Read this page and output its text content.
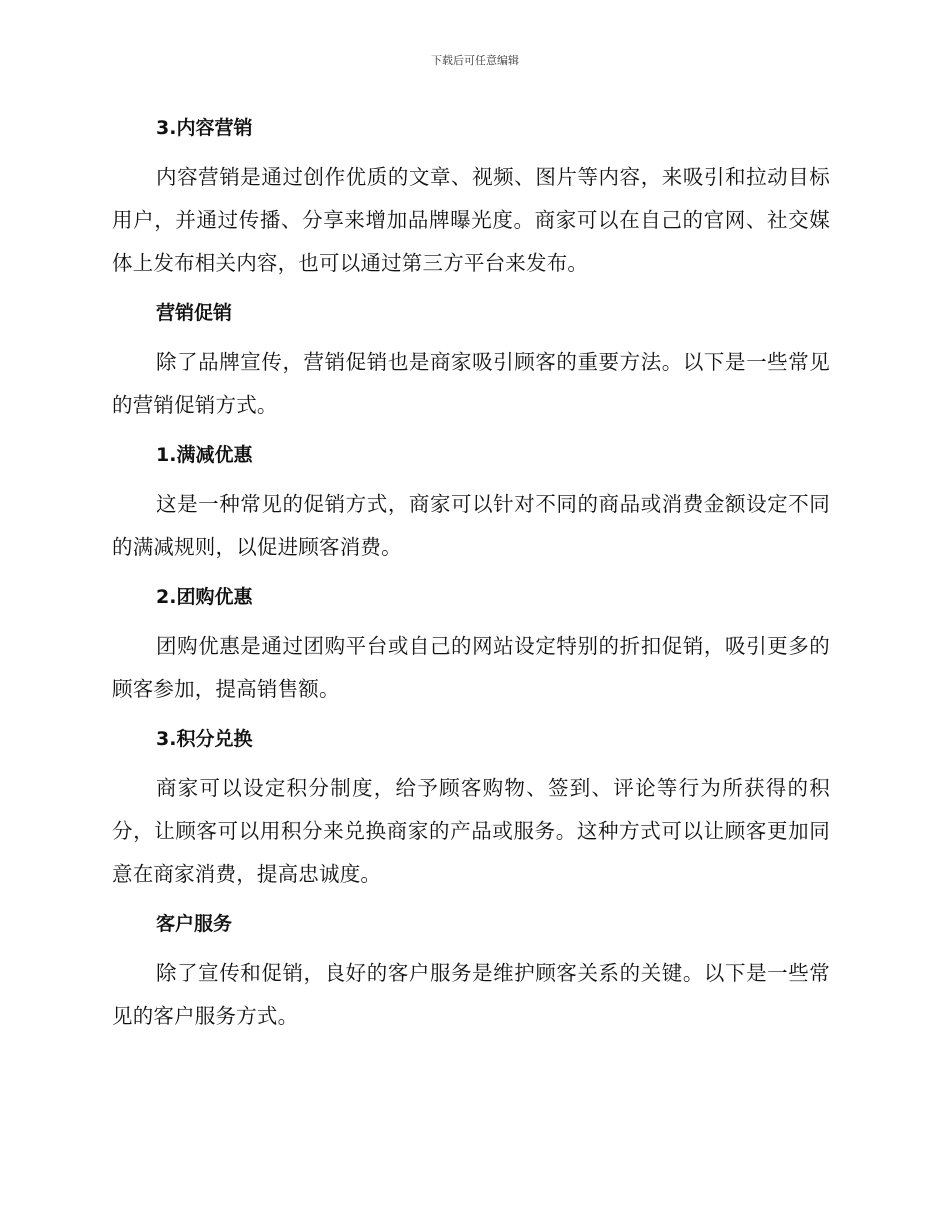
下载后可任意编辑
3.内容营销

内容营销是通过创作优质的文章、视频、图片等内容，来吸引和拉动目标用户，并通过传播、分享来增加品牌曝光度。商家可以在自己的官网、社交媒体上发布相关内容，也可以通过第三方平台来发布。

营销促销

除了品牌宣传，营销促销也是商家吸引顾客的重要方法。以下是一些常见的营销促销方式。

1.满减优惠

这是一种常见的促销方式，商家可以针对不同的商品或消费金额设定不同的满减规则，以促进顾客消费。

2.团购优惠

团购优惠是通过团购平台或自己的网站设定特别的折扣促销，吸引更多的顾客参加，提高销售额。

3.积分兑换

商家可以设定积分制度，给予顾客购物、签到、评论等行为所获得的积分，让顾客可以用积分来兑换商家的产品或服务。这种方式可以让顾客更加同意在商家消费，提高忠诚度。

客户服务

除了宣传和促销，良好的客户服务是维护顾客关系的关键。以下是一些常见的客户服务方式。
